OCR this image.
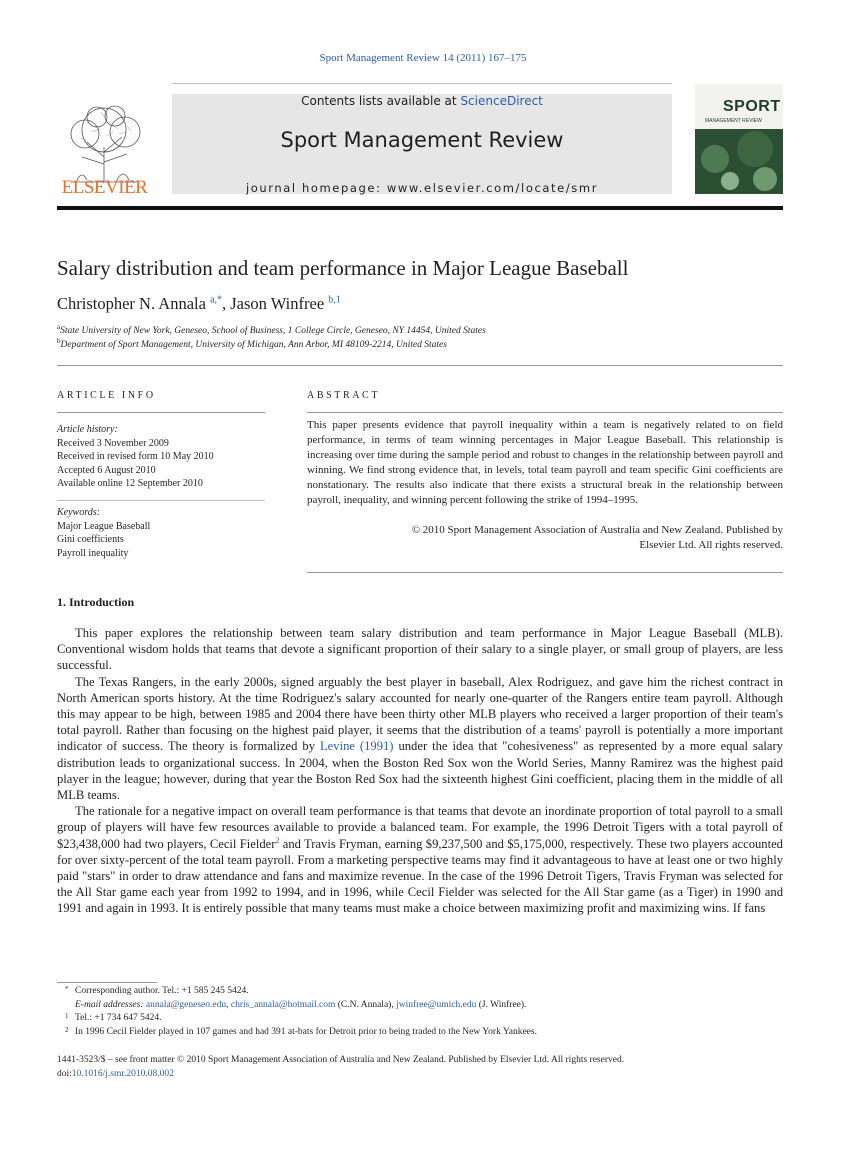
Sport Management Review 14 (2011) 167–175
ELSEVIER
Contents lists available at ScienceDirect
Sport Management Review
journal homepage: www.elsevier.com/locate/smr
SPORT
MANAGEMENT REVIEW
Salary distribution and team performance in Major League Baseball
Christopher N. Annala $^{a,*}$, Jason Winfree $^{b,1}$
$^a$State University of New York, Geneseo, School of Business, 1 College Circle, Geneseo, NY 14454, United States
$^b$Department of Sport Management, University of Michigan, Ann Arbor, MI 48109-2214, United States
ARTICLE INFO
Article history:
Received 3 November 2009
Received in revised form 10 May 2010
Accepted 6 August 2010
Available online 12 September 2010
Keywords:
Major League Baseball
Gini coefficients
Payroll inequality
ABSTRACT
This paper presents evidence that payroll inequality within a team is negatively related to on field performance, in terms of team winning percentages in Major League Baseball. This relationship is increasing over time during the sample period and robust to changes in the relationship between payroll and winning. We find strong evidence that, in levels, total team payroll and team specific Gini coefficients are nonstationary. The results also indicate that there exists a structural break in the relationship between payroll, inequality, and winning percent following the strike of 1994–1995.
© 2010 Sport Management Association of Australia and New Zealand. Published by
Elsevier Ltd. All rights reserved.
1. Introduction

This paper explores the relationship between team salary distribution and team performance in Major League Baseball (MLB). Conventional wisdom holds that teams that devote a significant proportion of their salary to a single player, or small group of players, are less successful.

The Texas Rangers, in the early 2000s, signed arguably the best player in baseball, Alex Rodriguez, and gave him the richest contract in North American sports history. At the time Rodriguez's salary accounted for nearly one-quarter of the Rangers entire team payroll. Although this may appear to be high, between 1985 and 2004 there have been thirty other MLB players who received a larger proportion of their team's total payroll. Rather than focusing on the highest paid player, it seems that the distribution of a teams' payroll is potentially a more important indicator of success. The theory is formalized by Levine (1991) under the idea that "cohesiveness" as represented by a more equal salary distribution leads to organizational success. In 2004, when the Boston Red Sox won the World Series, Manny Ramirez was the highest paid player in the league; however, during that year the Boston Red Sox had the sixteenth highest Gini coefficient, placing them in the middle of all MLB teams.

The rationale for a negative impact on overall team performance is that teams that devote an inordinate proportion of total payroll to a small group of players will have few resources available to provide a balanced team. For example, the 1996 Detroit Tigers with a total payroll of $23,438,000 had two players, Cecil Fielder$^2$ and Travis Fryman, earning $9,237,500 and $5,175,000, respectively. These two players accounted for over sixty-percent of the total team payroll. From a marketing perspective teams may find it advantageous to have at least one or two highly paid "stars" in order to draw attendance and fans and maximize revenue. In the case of the 1996 Detroit Tigers, Travis Fryman was selected for the All Star game each year from 1992 to 1994, and in 1996, while Cecil Fielder was selected for the All Star game (as a Tiger) in 1990 and 1991 and again in 1993. It is entirely possible that many teams must make a choice between maximizing profit and maximizing wins. If fans

* Corresponding author. Tel.: +1 585 245 5424.
E-mail addresses: annala@geneseo.edu, chris_annala@hotmail.com (C.N. Annala), jwinfree@umich.edu (J. Winfree).
1 Tel.: +1 734 647 5424.
2 In 1996 Cecil Fielder played in 107 games and had 391 at-bats for Detroit prior to being traded to the New York Yankees.
1441-3523/$ – see front matter © 2010 Sport Management Association of Australia and New Zealand. Published by Elsevier Ltd. All rights reserved.
doi:10.1016/j.smr.2010.08.002
